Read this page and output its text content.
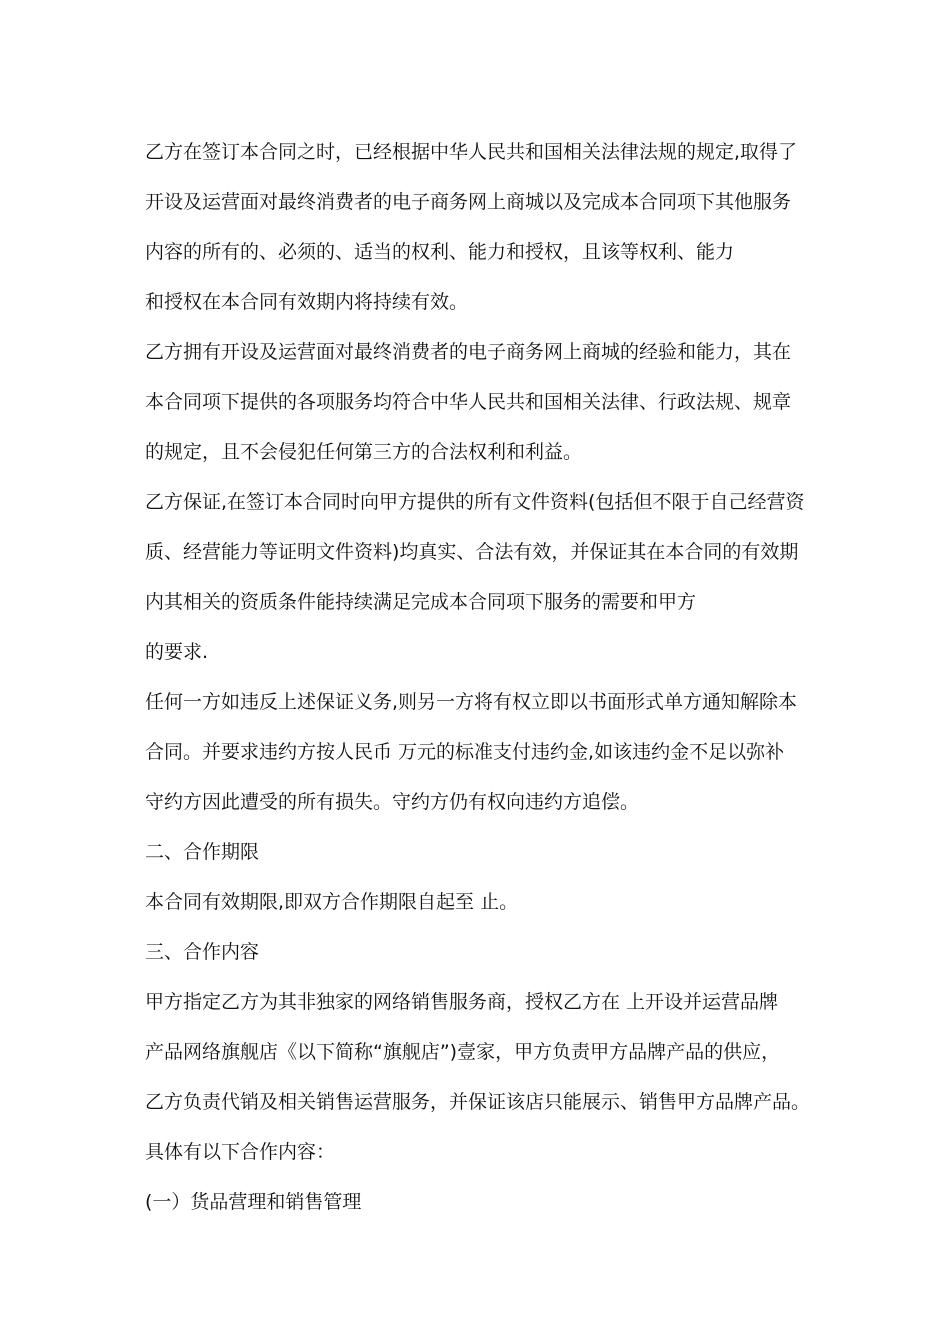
乙方在签订本合同之时，已经根据中华人民共和国相关法律法规的规定,取得了
开设及运营面对最终消费者的电子商务网上商城以及完成本合同项下其他服务
内容的所有的、必须的、适当的权利、能力和授权，且该等权利、能力
和授权在本合同有效期内将持续有效。
乙方拥有开设及运营面对最终消费者的电子商务网上商城的经验和能力，其在
本合同项下提供的各项服务均符合中华人民共和国相关法律、行政法规、规章
的规定，且不会侵犯任何第三方的合法权利和利益。
乙方保证,在签订本合同时向甲方提供的所有文件资料(包括但不限于自己经营资
质、经营能力等证明文件资料)均真实、合法有效，并保证其在本合同的有效期
内其相关的资质条件能持续满足完成本合同项下服务的需要和甲方
的要求.
任何一方如违反上述保证义务,则另一方将有权立即以书面形式单方通知解除本
合同。并要求违约方按人民币 万元的标准支付违约金,如该违约金不足以弥补
守约方因此遭受的所有损失。守约方仍有权向违约方追偿。
二、合作期限
本合同有效期限,即双方合作期限自起至 止。
三、合作内容
甲方指定乙方为其非独家的网络销售服务商，授权乙方在 上开设并运营品牌
产品网络旗舰店《以下简称“旗舰店”)壹家，甲方负责甲方品牌产品的供应，
乙方负责代销及相关销售运营服务，并保证该店只能展示、销售甲方品牌产品。
具体有以下合作内容：
(一）货品营理和销售管理
